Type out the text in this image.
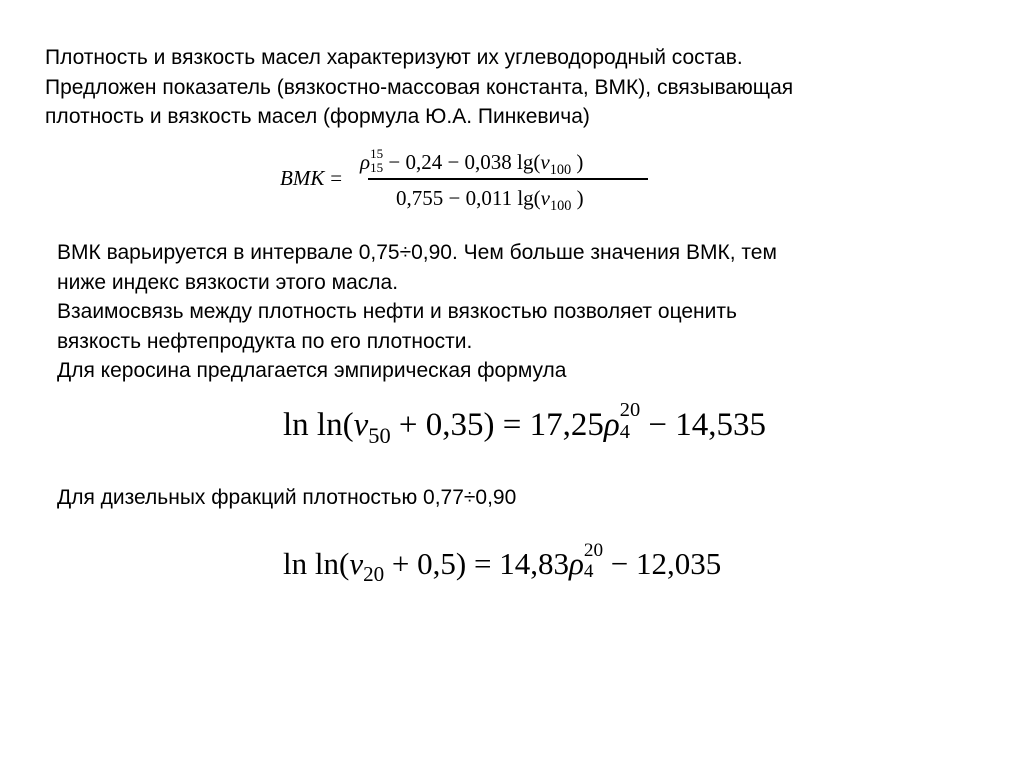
Плотность и вязкость масел характеризуют их углеводородный состав.
Предложен показатель (вязкостно-массовая константа, ВМК), связывающая
плотность и вязкость масел (формула Ю.А. Пинкевича)
ВМК =
ρ 15
15 − 0,24 − 0,038 $\lg(\nu_{100}$ )
0,755 − 0,011 $\lg(\nu_{100}$ )
ВМК варьируется в интервале 0,75÷0,90. Чем больше значения ВМК, тем
ниже индекс вязкости этого масла.
Взаимосвязь между плотность нефти и вязкостью позволяет оценить
вязкость нефтепродукта по его плотности.
Для керосина предлагается эмпирическая формула
$\ln \ln(\nu_{50} + 0,35) = 17,25\rho$ 20
4 − 14,535
Для дизельных фракций плотностью 0,77÷0,90
$\ln \ln(\nu_{20} + 0,5) = 14,83\rho$ 20
4 − 12,035
